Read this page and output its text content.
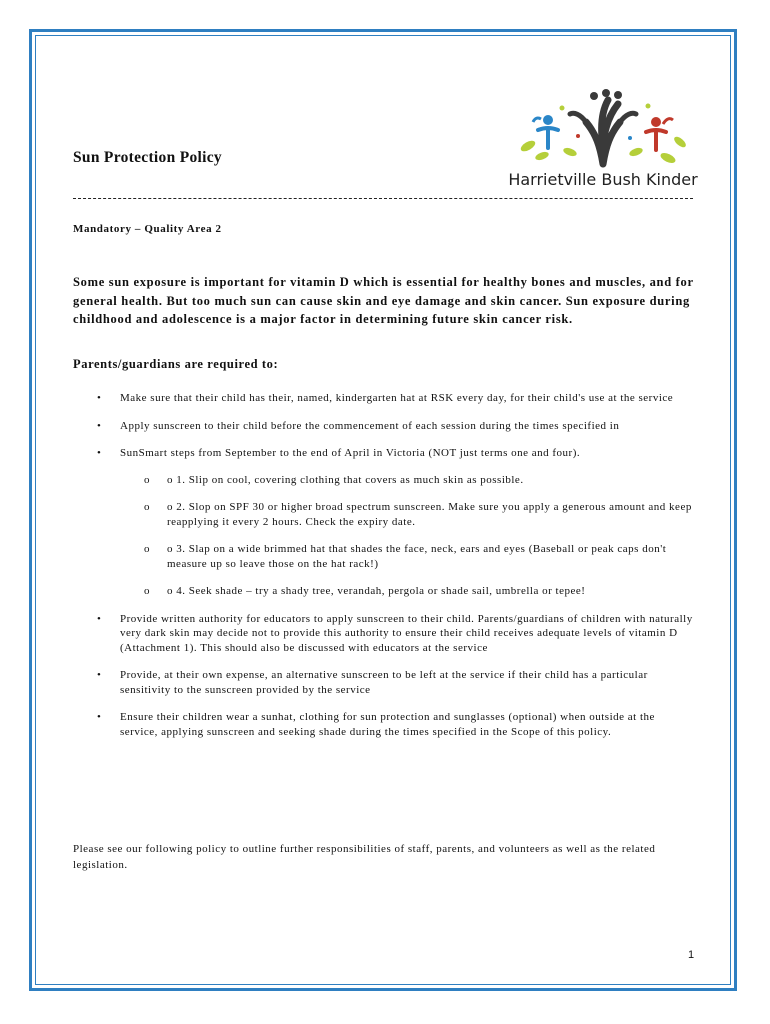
Harrietville Bush Kinder
Sun Protection Policy
Mandatory – Quality Area 2

Some sun exposure is important for vitamin D which is essential for healthy bones and muscles, and for general health. But too much sun can cause skin and eye damage and skin cancer. Sun exposure during childhood and adolescence is a major factor in determining future skin cancer risk.

Parents/guardians are required to:
• Make sure that their child has their, named, kindergarten hat at RSK every day, for their child's use at the service
• Apply sunscreen to their child before the commencement of each session during the times specified in
• SunSmart steps from September to the end of April in Victoria (NOT just terms one and four).
o o 1. Slip on cool, covering clothing that covers as much skin as possible.
o o 2. Slop on SPF 30 or higher broad spectrum sunscreen. Make sure you apply a generous amount and keep reapplying it every 2 hours. Check the expiry date.
o o 3. Slap on a wide brimmed hat that shades the face, neck, ears and eyes (Baseball or peak caps don't measure up so leave those on the hat rack!)
o o 4. Seek shade – try a shady tree, verandah, pergola or shade sail, umbrella or tepee!
• Provide written authority for educators to apply sunscreen to their child. Parents/guardians of children with naturally very dark skin may decide not to provide this authority to ensure their child receives adequate levels of vitamin D (Attachment 1). This should also be discussed with educators at the service
• Provide, at their own expense, an alternative sunscreen to be left at the service if their child has a particular sensitivity to the sunscreen provided by the service
• Ensure their children wear a sunhat, clothing for sun protection and sunglasses (optional) when outside at the service, applying sunscreen and seeking shade during the times specified in the Scope of this policy.

Please see our following policy to outline further responsibilities of staff, parents, and volunteers as well as the related legislation.

1
